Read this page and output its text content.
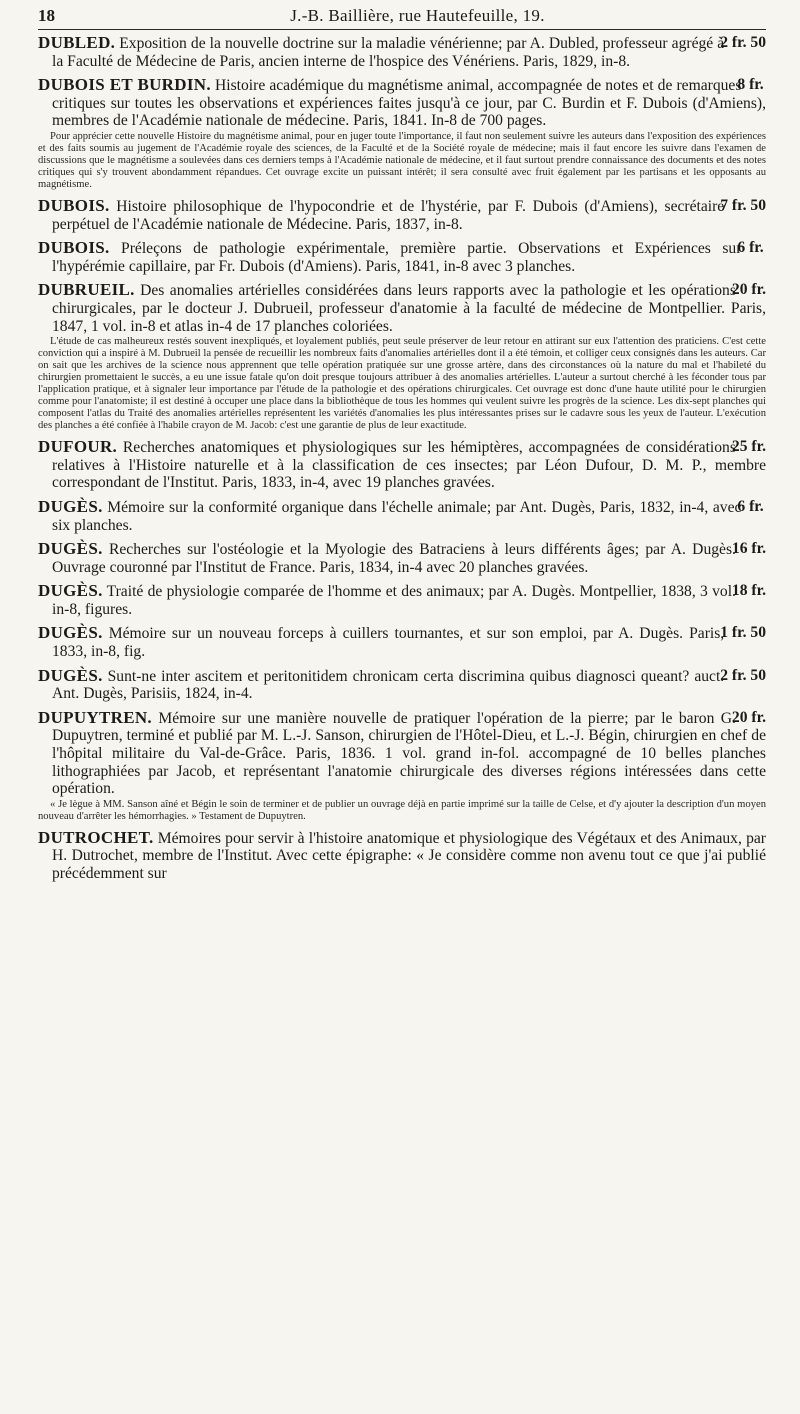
18	J.-B. Baillière, rue Hautefeuille, 19.
2 fr. 50
DUBLED. Exposition de la nouvelle doctrine sur la maladie vénérienne; par A. Dubled, professeur agrégé à la Faculté de Médecine de Paris, ancien interne de l'hospice des Vénériens. Paris, 1829, in-8.
8 fr.
DUBOIS ET BURDIN. Histoire académique du magnétisme animal, accompagnée de notes et de remarques critiques sur toutes les observations et expériences faites jusqu'à ce jour, par C. Burdin et F. Dubois (d'Amiens), membres de l'Académie nationale de médecine. Paris, 1841. In-8 de 700 pages.
Pour apprécier cette nouvelle Histoire du magnétisme animal, pour en juger toute l'importance, il faut non seulement suivre les auteurs dans l'exposition des expériences et des faits soumis au jugement de l'Académie royale des sciences, de la Faculté et de la Société royale de médecine; mais il faut encore les suivre dans l'examen de discussions que le magnétisme a soulevées dans ces derniers temps à l'Académie nationale de médecine, et il faut surtout prendre connaissance des documents et des notes critiques qui s'y trouvent abondamment répandues. Cet ouvrage excite un puissant intérêt; il sera consulté avec fruit également par les partisans et les opposants au magnétisme.
7 fr. 50
DUBOIS. Histoire philosophique de l'hypocondrie et de l'hystérie, par F. Dubois (d'Amiens), secrétaire perpétuel de l'Académie nationale de Médecine. Paris, 1837, in-8.
6 fr.
DUBOIS. Préleçons de pathologie expérimentale, première partie. Observations et Expériences sur l'hypérémie capillaire, par Fr. Dubois (d'Amiens). Paris, 1841, in-8 avec 3 planches.
20 fr.
DUBRUEIL. Des anomalies artérielles considérées dans leurs rapports avec la pathologie et les opérations chirurgicales, par le docteur J. Dubrueil, professeur d'anatomie à la faculté de médecine de Montpellier. Paris, 1847, 1 vol. in-8 et atlas in-4 de 17 planches coloriées.
L'étude de cas malheureux restés souvent inexpliqués, et loyalement publiés, peut seule préserver de leur retour en attirant sur eux l'attention des praticiens. C'est cette conviction qui a inspiré à M. Dubrueil la pensée de recueillir les nombreux faits d'anomalies artérielles dont il a été témoin, et colliger ceux consignés dans les auteurs. Car on sait que les archives de la science nous apprennent que telle opération pratiquée sur une grosse artère, dans des circonstances où la nature du mal et l'habileté du chirurgien promettaient le succès, a eu une issue fatale qu'on doit presque toujours attribuer à des anomalies artérielles. L'auteur a surtout cherché à les féconder tous par l'application pratique, et à signaler leur importance par l'étude de la pathologie et des opérations chirurgicales. Cet ouvrage est donc d'une haute utilité pour le chirurgien comme pour l'anatomiste; il est destiné à occuper une place dans la bibliothèque de tous les hommes qui veulent suivre les progrès de la science. Les dix-sept planches qui composent l'atlas du Traité des anomalies artérielles représentent les variétés d'anomalies les plus intéressantes prises sur le cadavre sous les yeux de l'auteur. L'exécution des planches a été confiée à l'habile crayon de M. Jacob: c'est une garantie de plus de leur exactitude.
25 fr.
DUFOUR. Recherches anatomiques et physiologiques sur les hémiptères, accompagnées de considérations relatives à l'Histoire naturelle et à la classification de ces insectes; par Léon Dufour, D. M. P., membre correspondant de l'Institut. Paris, 1833, in-4, avec 19 planches gravées.
6 fr.
DUGÈS. Mémoire sur la conformité organique dans l'échelle animale; par Ant. Dugès, Paris, 1832, in-4, avec six planches.
16 fr.
DUGÈS. Recherches sur l'ostéologie et la Myologie des Batraciens à leurs différents âges; par A. Dugès. Ouvrage couronné par l'Institut de France. Paris, 1834, in-4 avec 20 planches gravées.
18 fr.
DUGÈS. Traité de physiologie comparée de l'homme et des animaux; par A. Dugès. Montpellier, 1838, 3 vol. in-8, figures.
1 fr. 50
DUGÈS. Mémoire sur un nouveau forceps à cuillers tournantes, et sur son emploi, par A. Dugès. Paris, 1833, in-8, fig.
2 fr. 50
DUGÈS. Sunt-ne inter ascitem et peritonitidem chronicam certa discrimina quibus diagnosci queant? auct. Ant. Dugès, Parisiis, 1824, in-4.
20 fr.
DUPUYTREN. Mémoire sur une manière nouvelle de pratiquer l'opération de la pierre; par le baron G. Dupuytren, terminé et publié par M. L.-J. Sanson, chirurgien de l'Hôtel-Dieu, et L.-J. Bégin, chirurgien en chef de l'hôpital militaire du Val-de-Grâce. Paris, 1836. 1 vol. grand in-fol. accompagné de 10 belles planches lithographiées par Jacob, et représentant l'anatomie chirurgicale des diverses régions intéressées dans cette opération.
« Je lègue à MM. Sanson aîné et Bégin le soin de terminer et de publier un ouvrage déjà en partie imprimé sur la taille de Celse, et d'y ajouter la description d'un moyen nouveau d'arrêter les hémorrhagies. » Testament de Dupuytren.
DUTROCHET. Mémoires pour servir à l'histoire anatomique et physiologique des Végétaux et des Animaux, par H. Dutrochet, membre de l'Institut. Avec cette épigraphe: « Je considère comme non avenu tout ce que j'ai publié précédemment sur
